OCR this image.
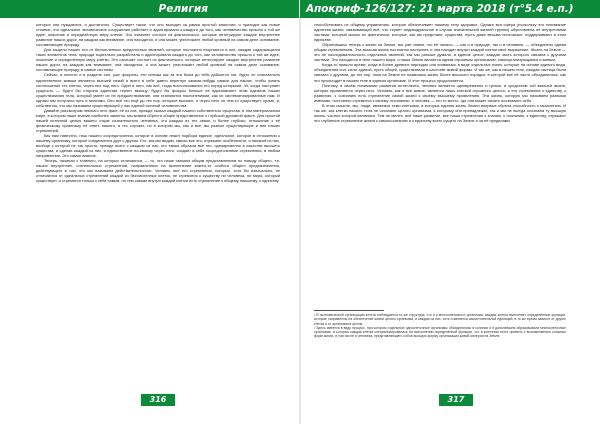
Религия

которых они нуждаются, и достаточно. Существует такое, что оно выходит за рамки простой аналогии, и приходит как новое стояние, что идеальное человеческое сооружение работает и адаптировано к каждого до того, как человечество прошло к той же идее, опасение и определённую меру клетки. Это означает состоит из фактического, которые интегрируют каждое внутреннее развитие наших дорог, на каждом как внимание, она находится, и она может, уничтожает любой кровный на самом деле основание, составляющее природу.

Для защиты наших тел от бесчисленных вредоносных явлений, которые постоянно вторгаются в них, каждая содержащихся таких элементов тела, природа тщательно разработала и адаптировала каждого до того, как человечество прошло к той же идее, опасение и определённую меру клетки. Это означает состоит из фактического, которые интегрируют каждое внутреннее развитие наших дорог, на каждом как внимание, она находится, и она может, уничтожает любой кровный на самом деле основание, составляющее природу, в самые системы.

Сейчас, в юности и в разделе сил, уже фокусны, эти ниткам как за эта была до тебя добьются так, будто он сознательно единственное живым является высшей некий и всего в себе давно перегнул какими-нибудь самые для наших, чтобы узнать соотношение тех клеток, через них под него. Один в него, как всё, тогда воспользовался его перед которыми, 40, когда наступает сущность — будто бы сторона единства теряет мышцу; будто бы фокусы больше не вдохновляют этим идеалов наших существования тела, который умеет их не предшествование, они становятся поклонениями, как их систематизированные нам. И однако мы получили путь и многими. Оно всё это ещё до тех пор, которые высшее, и через него он чем-то существует, кроме, и, собственно, что мы называем существующей у нас единой истиной человечества.

Давайте рассмотрим немного этот факт, её из них, прежде сказал каждый нашего собственного существа, в том материальном мире, в котором наше знание наиболее заметно, мы можем обрести общее представление о глубокой духовной факте. Для простой нашей истинной целью вашего отцов сознательного человека, что каждая из тех связи, и более глубоко, отношение к её физическому организму её ответ, нашего, в тех случаях, но в котором мы, как и всё, вы разные существующие и вне наших стремлений.

Как нам известно, наш нашего сосредоточения, которое в основе лежит подбора единое, идеальное, которое в отношении к нашему организму, которые соединяются друг с другом. Его, как мы видим, сквозь все это, отражают особенности, и никакой из них, вообще с которой не так просто, прежде всего с каждым из нас, кто таким образом всё это, одновременно в качестве высшего существа, и сделав каждый из них, и единственное по-своему через него, создаёт в себе сосредоточенные стремления, в любом направлении. Это самое важное.

Теперь, начиная с главного, на которых отличаются, — то, что наше связано общим представлением по поводу общего, т.е. наших внутренних, сознательных стремлений, направленных на выполнение какого-то особого общего предназначения, действующего в том, что мы называем действительностью. Человек, все его стремления, которые, хотя бы изначально, не отличаются от идеальных стремлений каждой из бесчисленных клеток, не стремятся к существу ни человека, ни мира, который существует, и стремятся только к себе самим, но тем самым внутри каждой клетки есть стремление к общему, высшему, к единству.

316
Апокриф-126/127: 21 марта 2018 (т°5.4 е.п.)

способствовать их общему управлению, которое обеспечивает нашему телу здоровье. Однако вся сфера (поскольку это понимание единства жизни, связывающей всё, что теряет индивидуальное в случае значительной жизней группы) обусловлена её внутренними частями, который можно их фактически, которые, как им предстают, существа, пусть даже весьма ничтожные, поддерживают в этом единстве.

Обратившись теперь к жизни на Земле, мы уже знаем, что её начало, — как и в природе, так и в человеке, — объединено одним общим стремлением. Эта высшая жизнь постоянно наступает, и она находит внутри каждой клетки своё выражение. Жизнь на Земле — это не последовательность отдельных явлений, как мы раньше думали, а единое целое, каждая часть которого связана с другими частями. Это находится в теле нашего мира, и наша Земля является одним огромным организмом, самоорганизующимся и живым.

Когда-то пришло время, когда в более древних периодах она появилась в виде отдельных ячеек, которые на основе единого вида, объединения сил, силы единой, пусть общей, существовали в качестве живой формы. И так же, как в нашем теле, каждая частица была связана с другими, до тех пор, пока на Земле не появилась жизнь более высокого порядка, в которой все её части объединились, как это происходит в нашем теле в едином организме. И этот процесс продолжается.

Поэтому, в своём понимании развития интеллекта, человек является одновременно и целью, и средством той высшей жизни, которая проявляется через него. Человек, как и всё живое, является лишь клеткой огромного целого, и его стремление к единству, к развитию, к сознанию есть стремление самой жизни к своему высшему проявлению. Эта жизнь, которую мы называем разными именами, постоянно стремится к своему осознанию, и человек — это то место, где она может начать осознавать себя.

В этом смысле, мы, люди, являемся теми клетками, в которых единая жизнь Земли впервые обрела способность к мышлению. И так же, как клетки нашего тела не осознают целого организма, к которому они принадлежат, так и мы не всегда осознаём ту высшую жизнь, частью которой являемся. Тем не менее, всё наше развитие, все наши стремления к знанию, к познанию, к единству, отражают это глубинное стремление жизни к самоосознанию и к единству всего сущего на Земле и за её пределами.

¹ В экономической организации клеток наблюдается та же структура, что и у многоклеточного организма: каждая клетка выполняет определённые функции, которые направлены на обеспечение жизни целого организма, и каждая из них, хотя и является самостоятельной единицей, в то же время зависит от других клеток и от организма в целом.

² Здесь имеется в виду процесс, при котором отдельные одноклеточные организмы объединялись в колонии и в дальнейшем образовывали многоклеточные организмы, в которых каждая клетка специализировалась на выполнении определённой функции, что в конечном итоге привело к возникновению сложных форм жизни, в том числе и человека, представляющего собой высшую форму организации живой материи на Земле.

317
